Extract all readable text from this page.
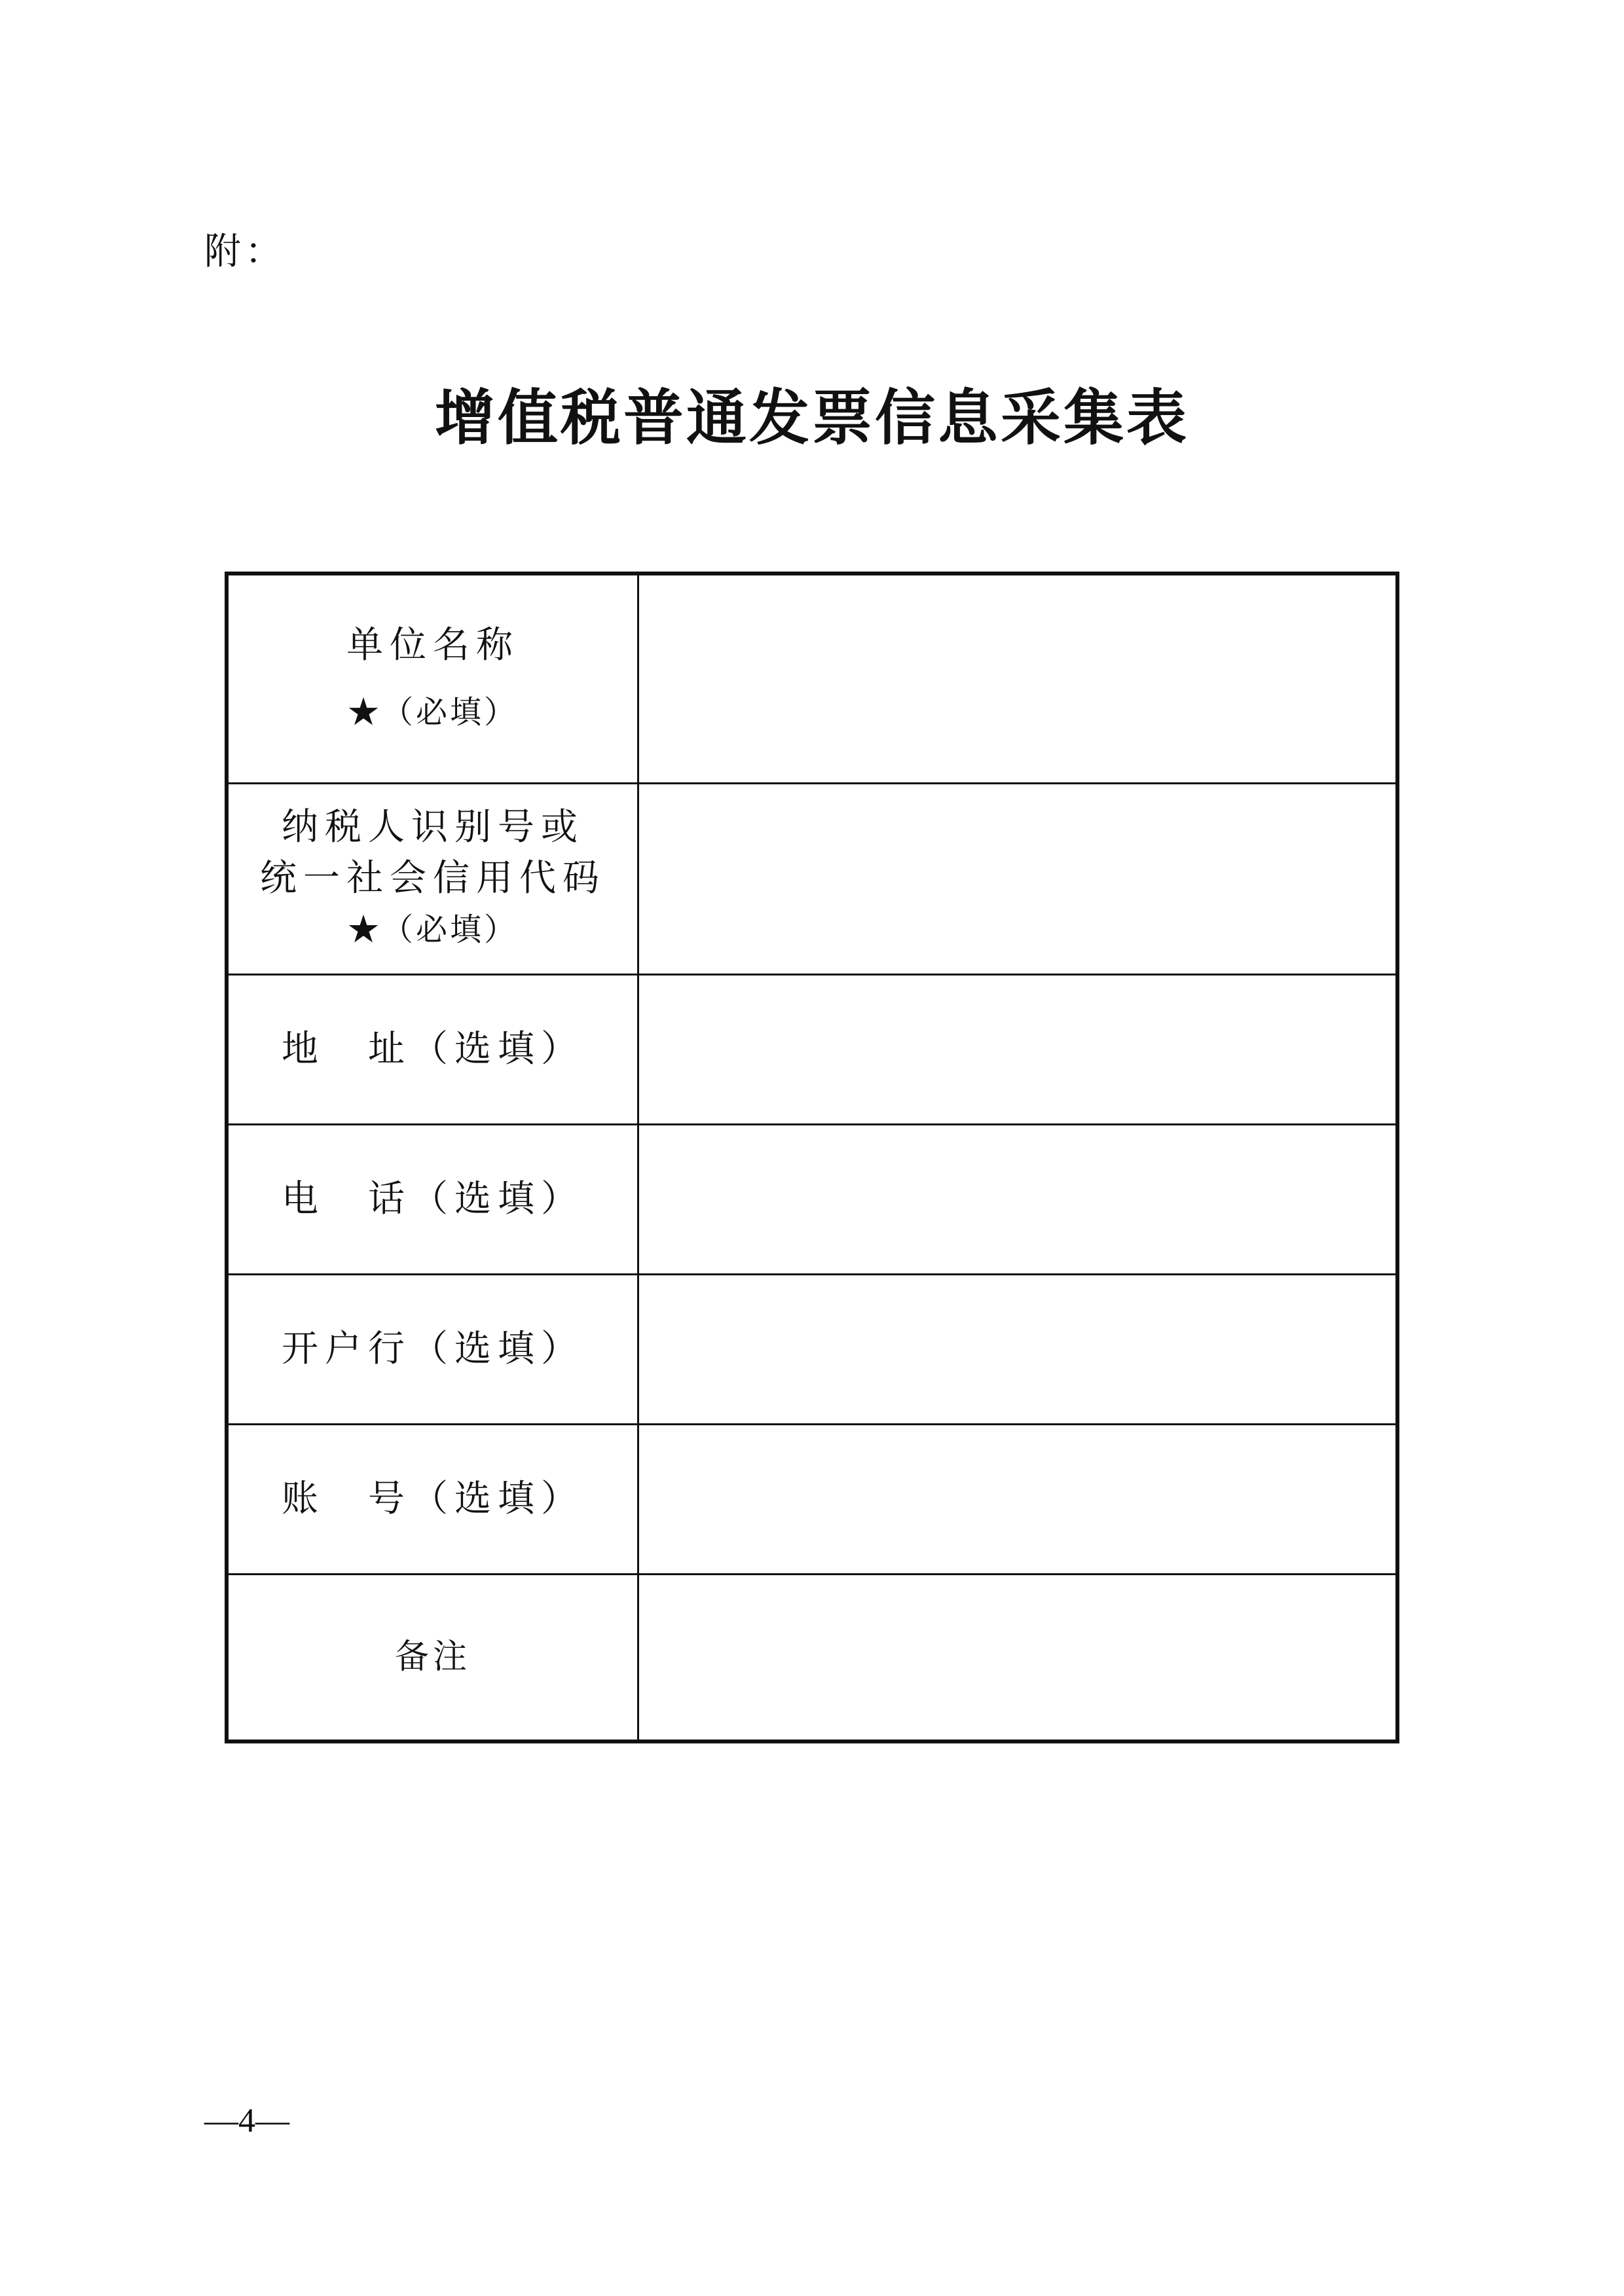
附：
增值税普通发票信息采集表
单位名称
★（必填）	

纳税人识别号或
统一社会信用代码
★（必填）	

地　址（选填）	

电　话（选填）	

开户行（选填）	

账　号（选填）	

备注	

—4—
